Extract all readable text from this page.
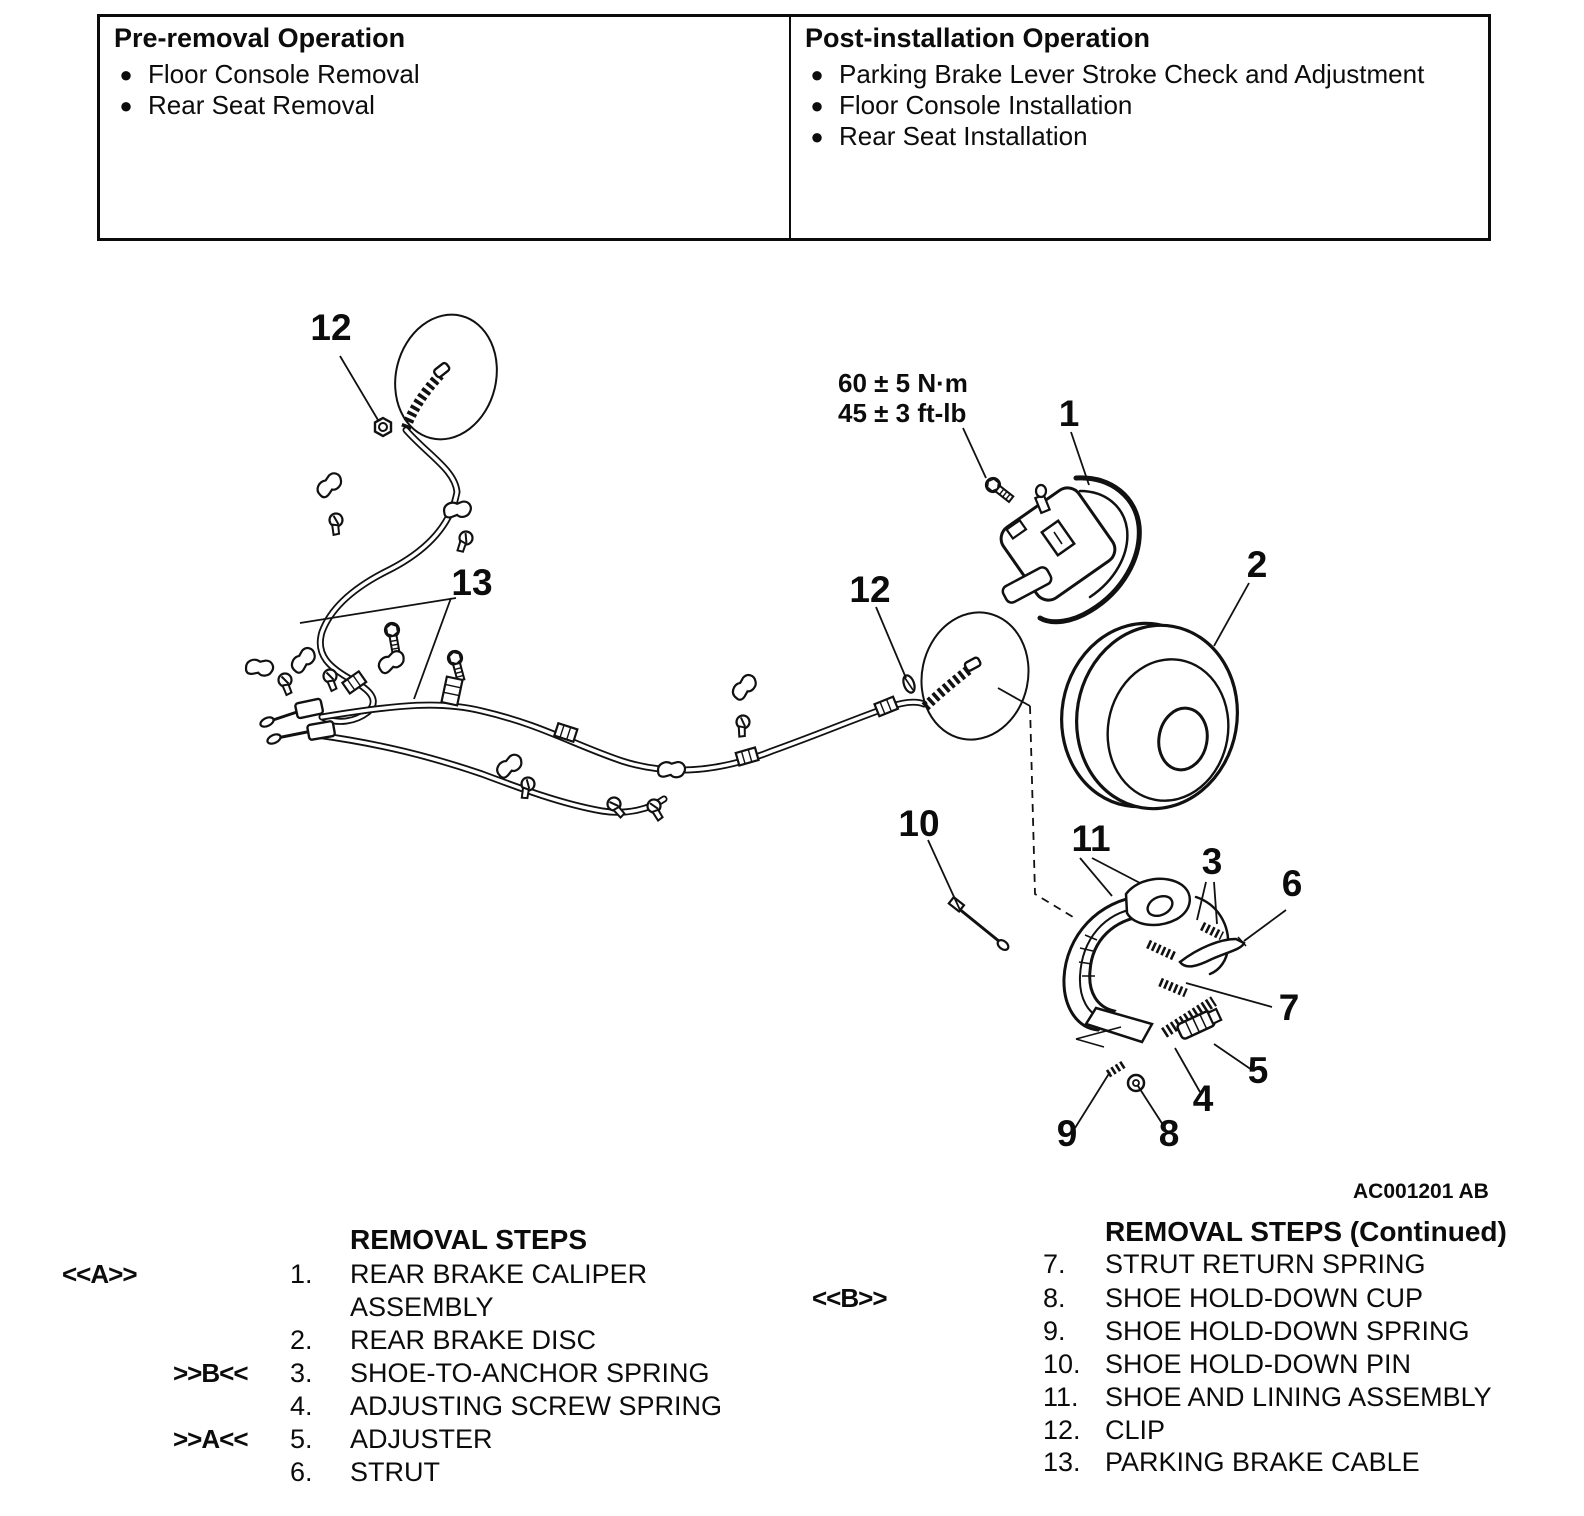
Pre-removal Operation
● Floor Console Removal
● Rear Seat Removal
Post-installation Operation
● Parking Brake Lever Stroke Check and Adjustment
● Floor Console Installation
● Rear Seat Installation
60 ± 5 N·m
45 ± 3 ft-lb
12
13	12
1
2
10	11
3
6
7
5
4
8
9
AC001201 AB
REMOVAL STEPS
<<A>>	1. REAR BRAKE CALIPER
ASSEMBLY
2. REAR BRAKE DISC
>>B<< 3. SHOE-TO-ANCHOR SPRING
4. ADJUSTING SCREW SPRING
>>A<< 5. ADJUSTER
6. STRUT
REMOVAL STEPS (Continued)
7. STRUT RETURN SPRING
<<B>>	8. SHOE HOLD-DOWN CUP
9. SHOE HOLD-DOWN SPRING
10. SHOE HOLD-DOWN PIN
11. SHOE AND LINING ASSEMBLY
12. CLIP
13. PARKING BRAKE CABLE
